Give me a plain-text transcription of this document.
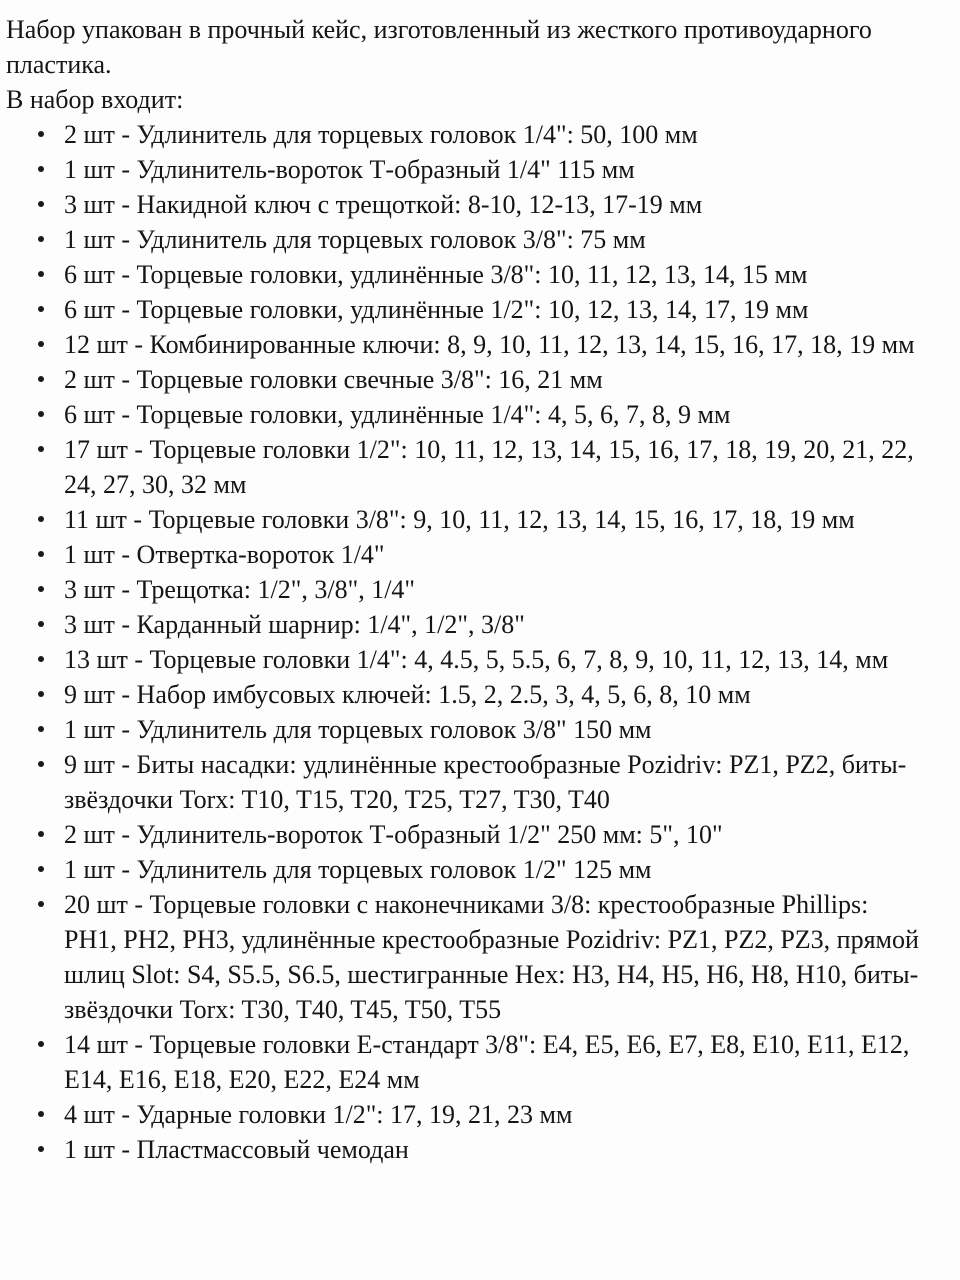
Набор упакован в прочный кейс, изготовленный из жесткого противоударного пластика.

В набор входит:

2 шт - Удлинитель для торцевых головок 1/4": 50, 100 мм
1 шт - Удлинитель-вороток Т-образный 1/4" 115 мм
3 шт - Накидной ключ с трещоткой: 8-10, 12-13, 17-19 мм
1 шт - Удлинитель для торцевых головок 3/8": 75 мм
6 шт - Торцевые головки, удлинённые 3/8": 10, 11, 12, 13, 14, 15 мм
6 шт - Торцевые головки, удлинённые 1/2": 10, 12, 13, 14, 17, 19 мм
12 шт - Комбинированные ключи: 8, 9, 10, 11, 12, 13, 14, 15, 16, 17, 18, 19 мм
2 шт - Торцевые головки свечные 3/8": 16, 21 мм
6 шт - Торцевые головки, удлинённые 1/4": 4, 5, 6, 7, 8, 9 мм
17 шт - Торцевые головки 1/2": 10, 11, 12, 13, 14, 15, 16, 17, 18, 19, 20, 21, 22, 24, 27, 30, 32 мм
11 шт - Торцевые головки 3/8": 9, 10, 11, 12, 13, 14, 15, 16, 17, 18, 19 мм
1 шт - Отвертка-вороток 1/4"
3 шт - Трещотка: 1/2", 3/8", 1/4"
3 шт - Карданный шарнир: 1/4", 1/2", 3/8"
13 шт - Торцевые головки 1/4": 4, 4.5, 5, 5.5, 6, 7, 8, 9, 10, 11, 12, 13, 14, мм
9 шт - Набор имбусовых ключей: 1.5, 2, 2.5, 3, 4, 5, 6, 8, 10 мм
1 шт - Удлинитель для торцевых головок 3/8" 150 мм
9 шт - Биты насадки: удлинённые крестообразные Pozidriv: PZ1, PZ2, биты-звёздочки Torx: T10, T15, T20, T25, T27, T30, T40
2 шт - Удлинитель-вороток Т-образный 1/2" 250 мм: 5", 10"
1 шт - Удлинитель для торцевых головок 1/2" 125 мм
20 шт - Торцевые головки с наконечниками 3/8: крестообразные Phillips: PH1, PH2, PH3, удлинённые крестообразные Pozidriv: PZ1, PZ2, PZ3, прямой шлиц Slot: S4, S5.5, S6.5, шестигранные Hex: H3, H4, H5, H6, H8, H10, биты-звёздочки Torx: T30, T40, T45, T50, T55
14 шт - Торцевые головки Е-стандарт 3/8": E4, E5, E6, E7, E8, E10, E11, E12, E14, E16, E18, E20, E22, E24 мм
4 шт - Ударные головки 1/2": 17, 19, 21, 23 мм
1 шт - Пластмассовый чемодан
